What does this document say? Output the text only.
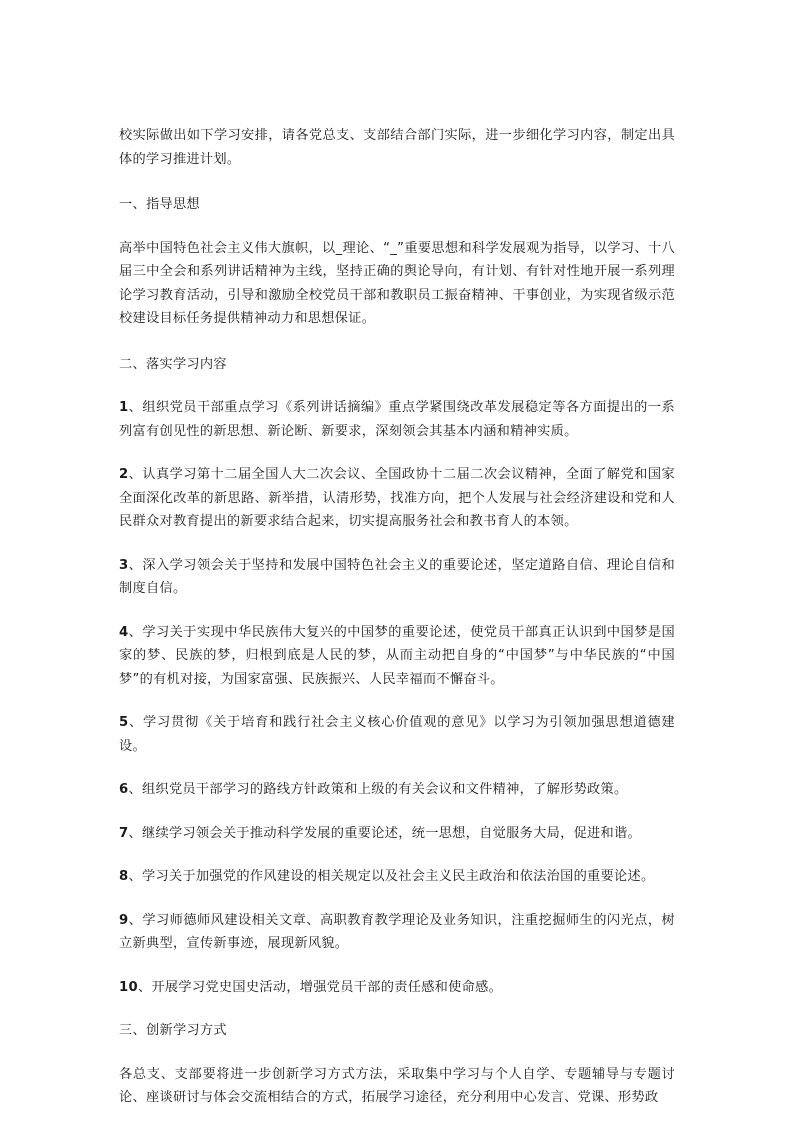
校实际做出如下学习安排，请各党总支、支部结合部门实际，进一步细化学习内容，制定出具体的学习推进计划。

一、指导思想

高举中国特色社会主义伟大旗帜，以_理论、“_”重要思想和科学发展观为指导，以学习、十八届三中全会和系列讲话精神为主线，坚持正确的舆论导向，有计划、有针对性地开展一系列理论学习教育活动，引导和激励全校党员干部和教职员工振奋精神、干事创业，为实现省级示范校建设目标任务提供精神动力和思想保证。

二、落实学习内容

1、组织党员干部重点学习《系列讲话摘编》重点学紧围绕改革发展稳定等各方面提出的一系列富有创见性的新思想、新论断、新要求，深刻领会其基本内涵和精神实质。

2、认真学习第十二届全国人大二次会议、全国政协十二届二次会议精神，全面了解党和国家全面深化改革的新思路、新举措，认清形势，找准方向，把个人发展与社会经济建设和党和人民群众对教育提出的新要求结合起来，切实提高服务社会和教书育人的本领。

3、深入学习领会关于坚持和发展中国特色社会主义的重要论述，坚定道路自信、理论自信和制度自信。

4、学习关于实现中华民族伟大复兴的中国梦的重要论述，使党员干部真正认识到中国梦是国家的梦、民族的梦，归根到底是人民的梦，从而主动把自身的“中国梦”与中华民族的“中国梦”的有机对接，为国家富强、民族振兴、人民幸福而不懈奋斗。

5、学习贯彻《关于培育和践行社会主义核心价值观的意见》以学习为引领加强思想道德建设。

6、组织党员干部学习的路线方针政策和上级的有关会议和文件精神，了解形势政策。

7、继续学习领会关于推动科学发展的重要论述，统一思想，自觉服务大局，促进和谐。

8、学习关于加强党的作风建设的相关规定以及社会主义民主政治和依法治国的重要论述。

9、学习师德师风建设相关文章、高职教育教学理论及业务知识，注重挖掘师生的闪光点，树立新典型，宣传新事迹，展现新风貌。

10、开展学习党史国史活动，增强党员干部的责任感和使命感。

三、创新学习方式

各总支、支部要将进一步创新学习方式方法，采取集中学习与个人自学、专题辅导与专题讨论、座谈研讨与体会交流相结合的方式，拓展学习途径，充分利用中心发言、党课、形势政
